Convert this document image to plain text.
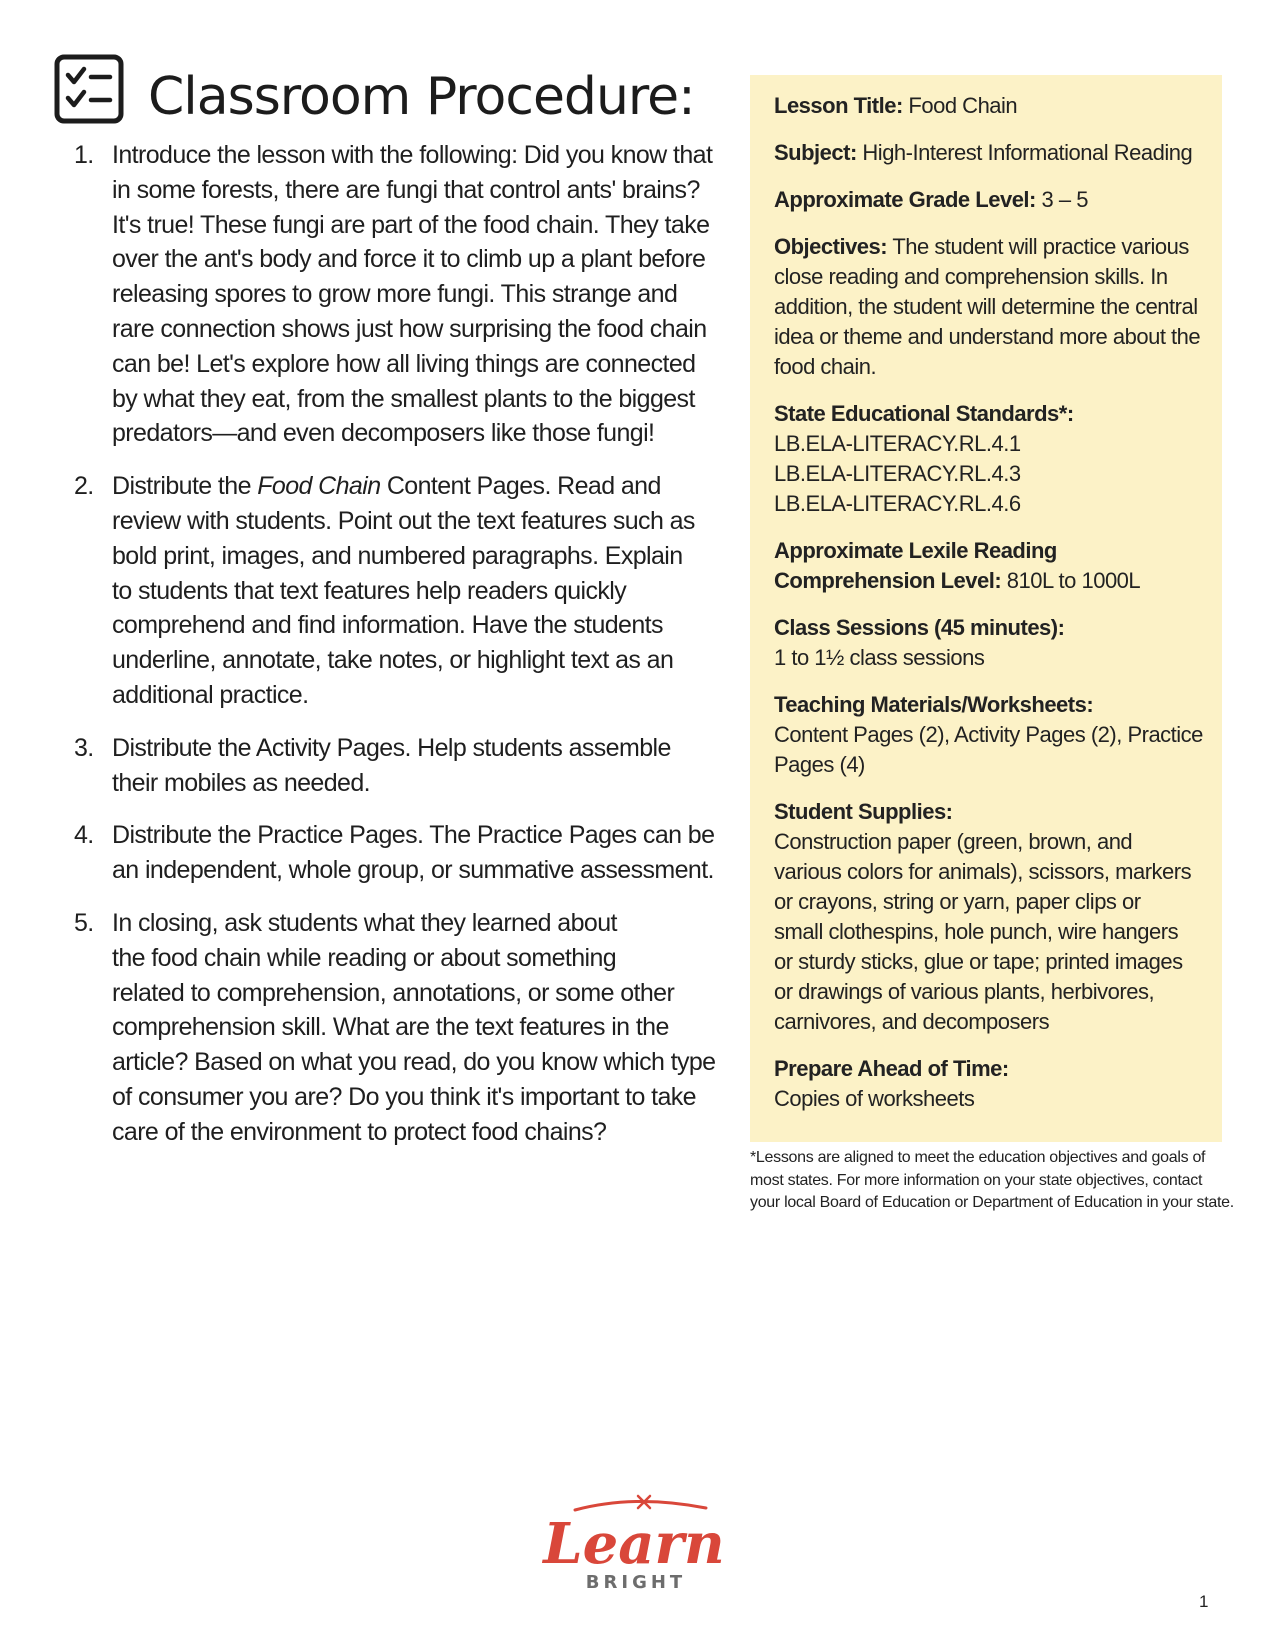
Classroom Procedure:
1. Introduce the lesson with the following: Did you know that
in some forests, there are fungi that control ants' brains?
It's true! These fungi are part of the food chain. They take
over the ant's body and force it to climb up a plant before
releasing spores to grow more fungi. This strange and
rare connection shows just how surprising the food chain
can be! Let's explore how all living things are connected
by what they eat, from the smallest plants to the biggest
predators—and even decomposers like those fungi!
2. Distribute the Food Chain Content Pages. Read and
review with students. Point out the text features such as
bold print, images, and numbered paragraphs. Explain
to students that text features help readers quickly
comprehend and find information. Have the students
underline, annotate, take notes, or highlight text as an
additional practice.
3. Distribute the Activity Pages. Help students assemble
their mobiles as needed.
4. Distribute the Practice Pages. The Practice Pages can be
an independent, whole group, or summative assessment.
5. In closing, ask students what they learned about
the food chain while reading or about something
related to comprehension, annotations, or some other
comprehension skill. What are the text features in the
article? Based on what you read, do you know which type
of consumer you are? Do you think it's important to take
care of the environment to protect food chains?
Lesson Title: Food Chain
Subject: High-Interest Informational Reading
Approximate Grade Level: 3 – 5
Objectives: The student will practice various
close reading and comprehension skills. In
addition, the student will determine the central
idea or theme and understand more about the
food chain.
State Educational Standards*:
LB.ELA-LITERACY.RL.4.1
LB.ELA-LITERACY.RL.4.3
LB.ELA-LITERACY.RL.4.6
Approximate Lexile Reading
Comprehension Level: 810L to 1000L
Class Sessions (45 minutes):
1 to 1½ class sessions
Teaching Materials/Worksheets:
Content Pages (2), Activity Pages (2), Practice
Pages (4)
Student Supplies:
Construction paper (green, brown, and
various colors for animals), scissors, markers
or crayons, string or yarn, paper clips or
small clothespins, hole punch, wire hangers
or sturdy sticks, glue or tape; printed images
or drawings of various plants, herbivores,
carnivores, and decomposers
Prepare Ahead of Time:
Copies of worksheets
*Lessons are aligned to meet the education objectives and goals of
most states. For more information on your state objectives, contact
your local Board of Education or Department of Education in your state.
Learn
BRIGHT
1
